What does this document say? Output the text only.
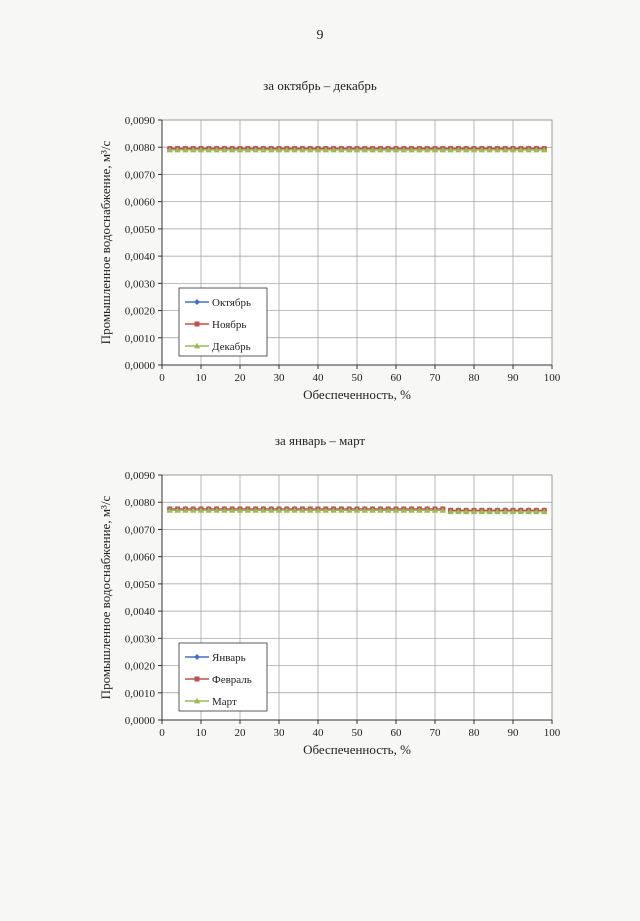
9
за октябрь – декабрь
0,0000
0,0010
0,0020
0,0030
0,0040
0,0050
0,0060
0,0070
0,0080
0,0090
0	10	20	30	40	50	60	70	80	90 100
Обеспеченность, %
Промышленное водоснабжение, м³/с	Октябрь
Ноябрь
Декабрь
за январь – март
0,0000
0,0010
0,0020
0,0030
0,0040
0,0050
0,0060
0,0070
0,0080
0,0090
0	10	20	30	40	50	60	70	80	90 100
Обеспеченность, %
Промышленное водоснабжение, м³/с	Январь
Февраль
Март
